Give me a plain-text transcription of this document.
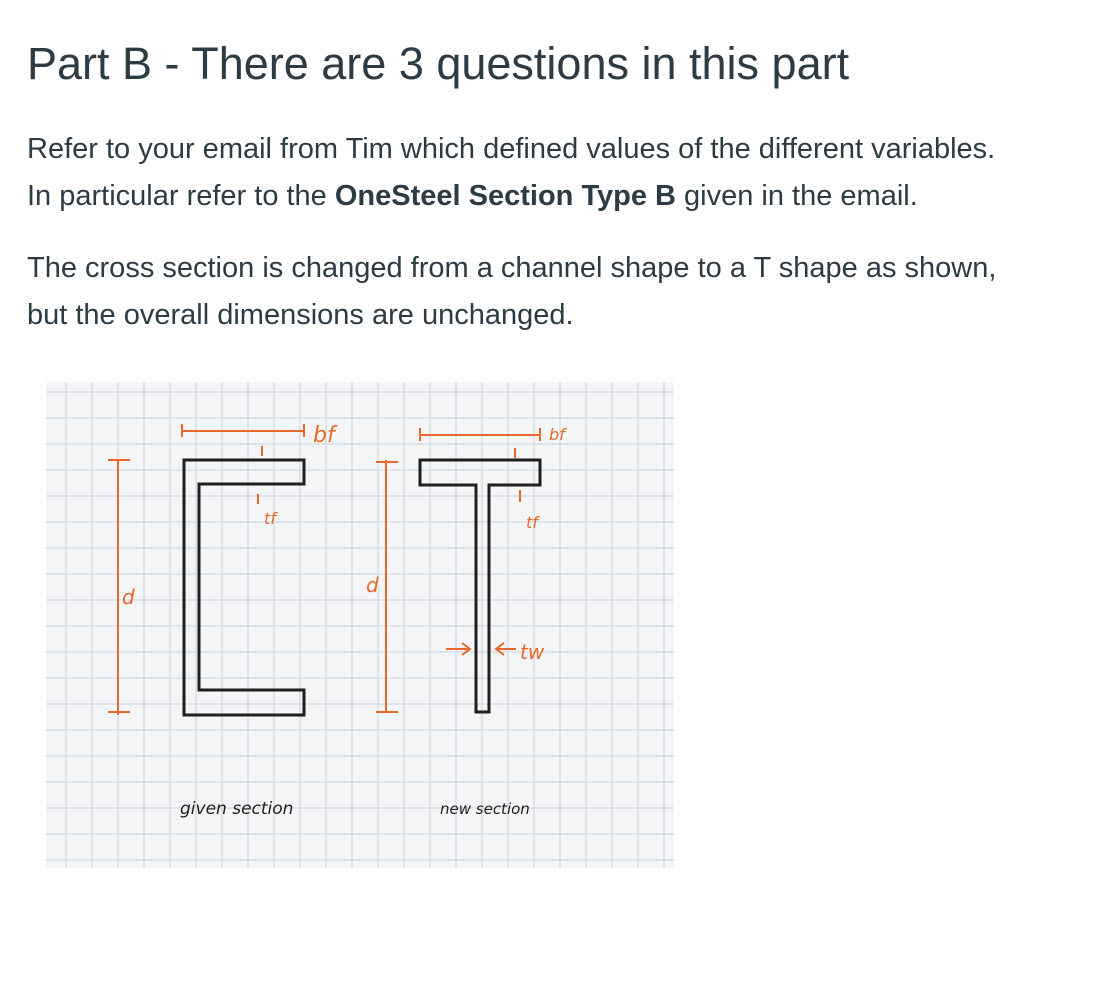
Part B - There are 3 questions in this part
Refer to your email from Tim which defined values of the different variables.
In particular refer to the OneSteel Section Type B given in the email.
The cross section is changed from a channel shape to a T shape as shown,
but the overall dimensions are unchanged.
bf
tf
d
bf
tf
d
tw
given section	new section
